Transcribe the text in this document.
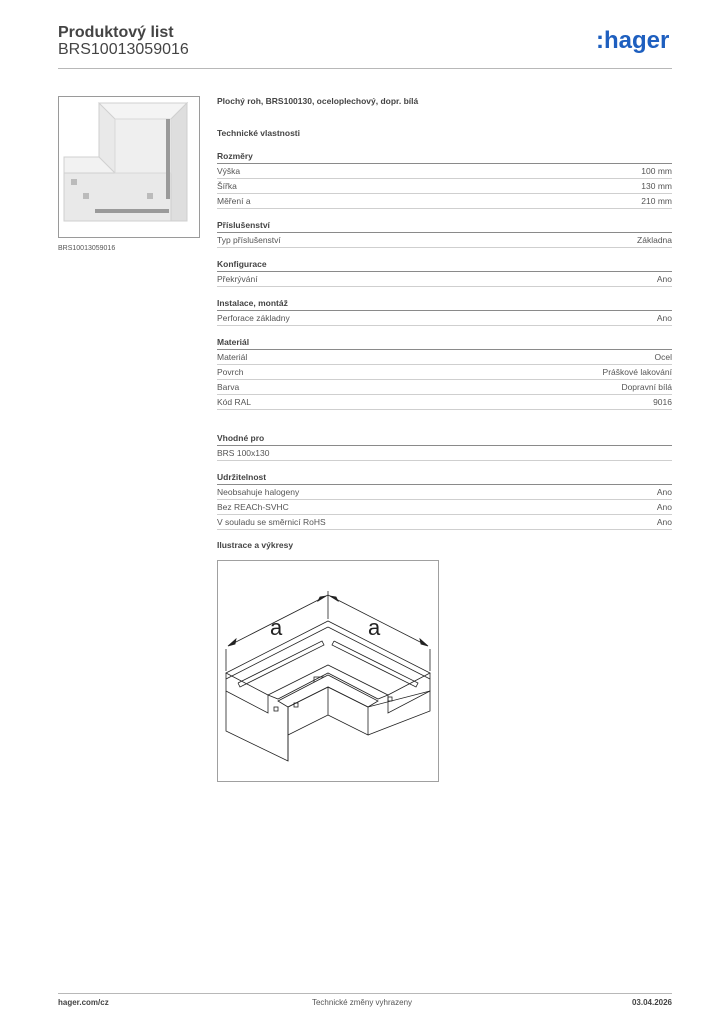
Produktový list
BRS10013059016	:hager
BRS10013059016
Plochý roh, BRS100130, oceloplechový, dopr. bílá
Technické vlastnosti
Rozměry
Výška	100 mm
Šířka	130 mm
Měření a	210 mm
Příslušenství
Typ příslušenství	Základna
Konfigurace
Překrývání	Ano
Instalace, montáž
Perforace základny	Ano
Materiál
Materiál	Ocel
Povrch	Práškové lakování
Barva	Dopravní bílá
Kód RAL	9016
Vhodné pro
BRS 100x130
Udržitelnost
Neobsahuje halogeny	Ano
Bez REACh-SVHC	Ano
V souladu se směrnicí RoHS	Ano
Ilustrace a výkresy
a	a
hager.com/cz	Technické změny vyhrazeny	03.04.2026
